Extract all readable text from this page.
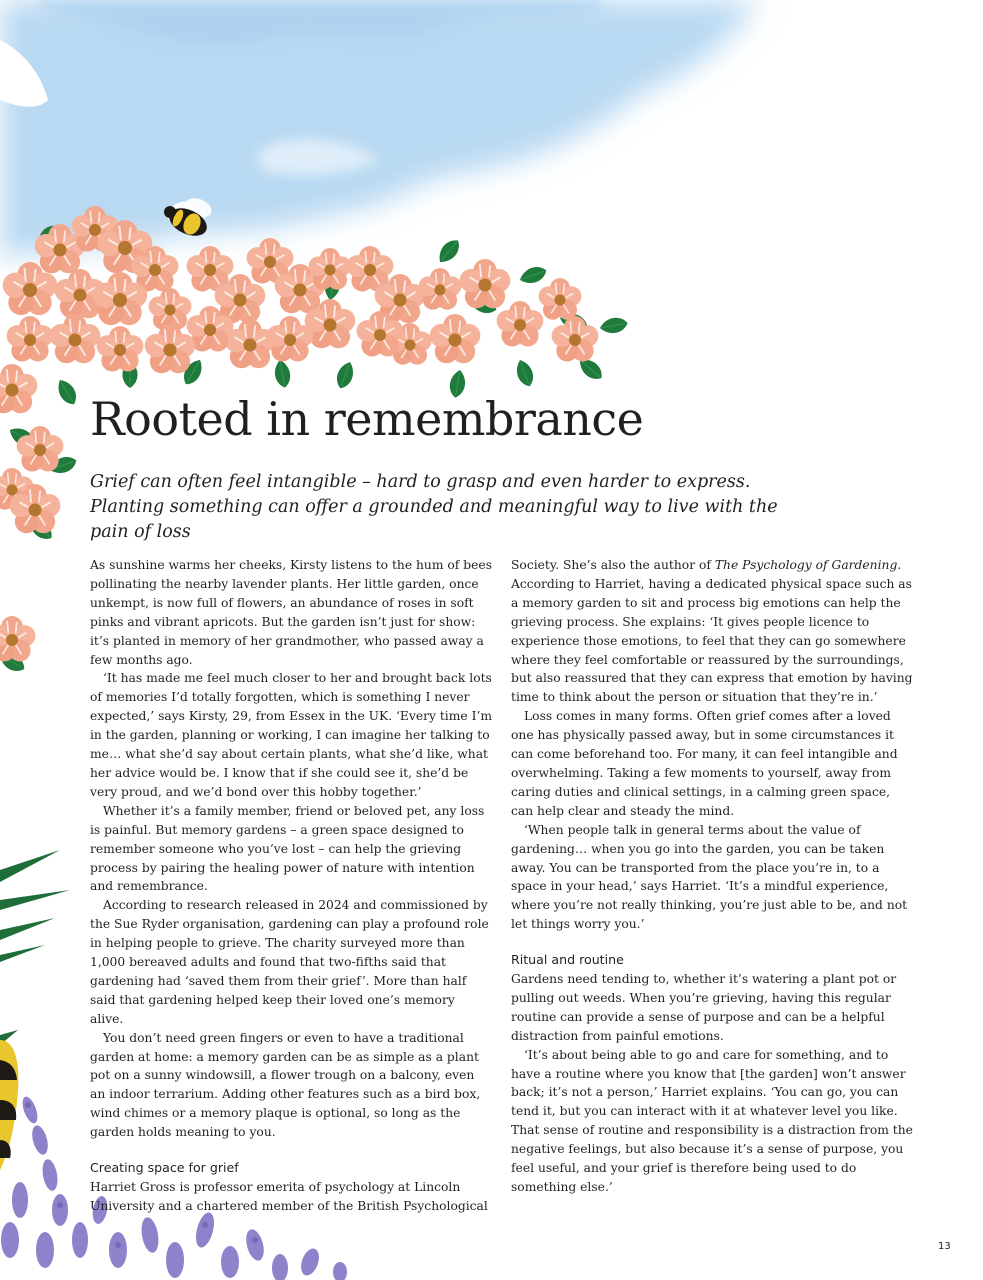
Rooted in remembrance

Grief can often feel intangible – hard to grasp and even harder to express. Planting something can offer a grounded and meaningful way to live with the pain of loss

As sunshine warms her cheeks, Kirsty listens to the hum of bees pollinating the nearby lavender plants. Her little garden, once unkempt, is now full of flowers, an abundance of roses in soft pinks and vibrant apricots. But the garden isn’t just for show: it’s planted in memory of her grandmother, who passed away a few months ago.

‘It has made me feel much closer to her and brought back lots of memories I’d totally forgotten, which is something I never expected,’ says Kirsty, 29, from Essex in the UK. ‘Every time I’m in the garden, planning or working, I can imagine her talking to me… what she’d say about certain plants, what she’d like, what her advice would be. I know that if she could see it, she’d be very proud, and we’d bond over this hobby together.’

Whether it’s a family member, friend or beloved pet, any loss is painful. But memory gardens – a green space designed to remember someone who you’ve lost – can help the grieving process by pairing the healing power of nature with intention and remembrance.

According to research released in 2024 and commissioned by the Sue Ryder organisation, gardening can play a profound role in helping people to grieve. The charity surveyed more than 1,000 bereaved adults and found that two-fifths said that gardening had ‘saved them from their grief’. More than half said that gardening helped keep their loved one’s memory alive.

You don’t need green fingers or even to have a traditional garden at home: a memory garden can be as simple as a plant pot on a sunny windowsill, a flower trough on a balcony, even an indoor terrarium. Adding other features such as a bird box, wind chimes or a memory plaque is optional, so long as the garden holds meaning to you.

Creating space for grief

Harriet Gross is professor emerita of psychology at Lincoln University and a chartered member of the British Psychological

Society. She’s also the author of The Psychology of Gardening. According to Harriet, having a dedicated physical space such as a memory garden to sit and process big emotions can help the grieving process. She explains: ‘It gives people licence to experience those emotions, to feel that they can go somewhere where they feel comfortable or reassured by the surroundings, but also reassured that they can express that emotion by having time to think about the person or situation that they’re in.’

Loss comes in many forms. Often grief comes after a loved one has physically passed away, but in some circumstances it can come beforehand too. For many, it can feel intangible and overwhelming. Taking a few moments to yourself, away from caring duties and clinical settings, in a calming green space, can help clear and steady the mind.

‘When people talk in general terms about the value of gardening… when you go into the garden, you can be taken away. You can be transported from the place you’re in, to a space in your head,’ says Harriet. ‘It’s a mindful experience, where you’re not really thinking, you’re just able to be, and not let things worry you.’

Ritual and routine

Gardens need tending to, whether it’s watering a plant pot or pulling out weeds. When you’re grieving, having this regular routine can provide a sense of purpose and can be a helpful distraction from painful emotions.

‘It’s about being able to go and care for something, and to have a routine where you know that [the garden] won’t answer back; it’s not a person,’ Harriet explains. ‘You can go, you can tend it, but you can interact with it at whatever level you like. That sense of routine and responsibility is a distraction from the negative feelings, but also because it’s a sense of purpose, you feel useful, and your grief is therefore being used to do something else.’

13
